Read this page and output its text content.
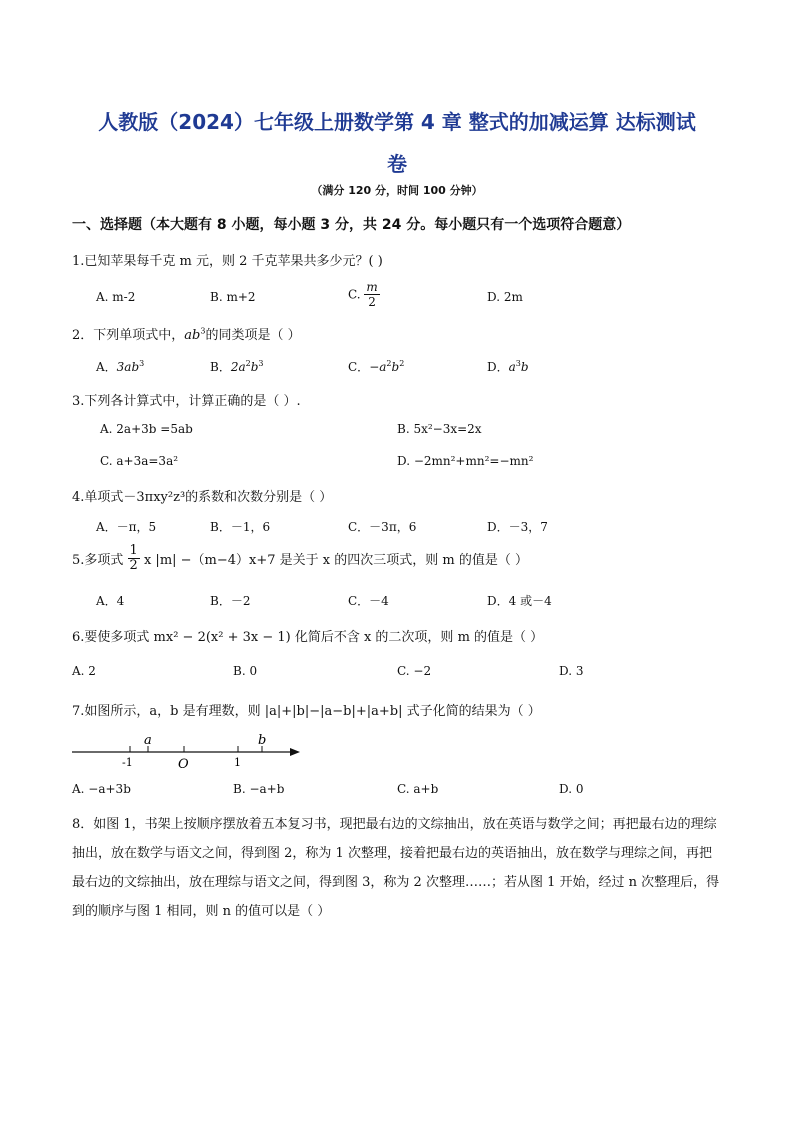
人教版（2024）七年级上册数学第 4 章 整式的加减运算 达标测试
卷
（满分 120 分，时间 100 分钟）
一、选择题（本大题有 8 小题，每小题 3 分，共 24 分。每小题只有一个选项符合题意）
1.已知苹果每千克 m 元，则 2 千克苹果共多少元？( )
A. m-2	B. m+2	C. $\frac{m}{2}$	D. 2m
2．下列单项式中，$ab^3$的同类项是（ ）
A．$3ab^3$	B．$2a^2b^3$	C．$-a^2b^2$	D．$a^3b$
3.下列各计算式中，计算正确的是（ ）.
A. 2a+3b =5ab	B. 5x²−3x=2x
C. a+3a=3a²	D. −2mn²+mn²=−mn²
4.单项式－3πxy²z³的系数和次数分别是（ ）
A．－π，5	B．－1，6	C．－3π，6	D．－3，7
5.多项式 $\frac{1}{2}$ x |m| −（m−4）x+7 是关于 x 的四次三项式，则 m 的值是（ ）
A．4	B．－2	C．－4	D．4 或－4
6.要使多项式 mx² − 2(x² + 3x − 1) 化简后不含 x 的二次项，则 m 的值是（ ）
A. 2	B. 0	C. −2	D. 3
7.如图所示，a，b 是有理数，则 |a|+|b|−|a−b|+|a+b| 式子化简的结果为（ ）
a	b
-1	O	1
A. −a+3b	B. −a+b	C. a+b	D. 0
8．如图 1，书架上按顺序摆放着五本复习书，现把最右边的文综抽出，放在英语与数学之间；再把最右边的理综抽出，放在数学与语文之间，得到图 2，称为 1 次整理，接着把最右边的英语抽出，放在数学与理综之间，再把最右边的文综抽出，放在理综与语文之间，得到图 3，称为 2 次整理……；若从图 1 开始，经过 n 次整理后，得到的顺序与图 1 相同，则 n 的值可以是（ ）
